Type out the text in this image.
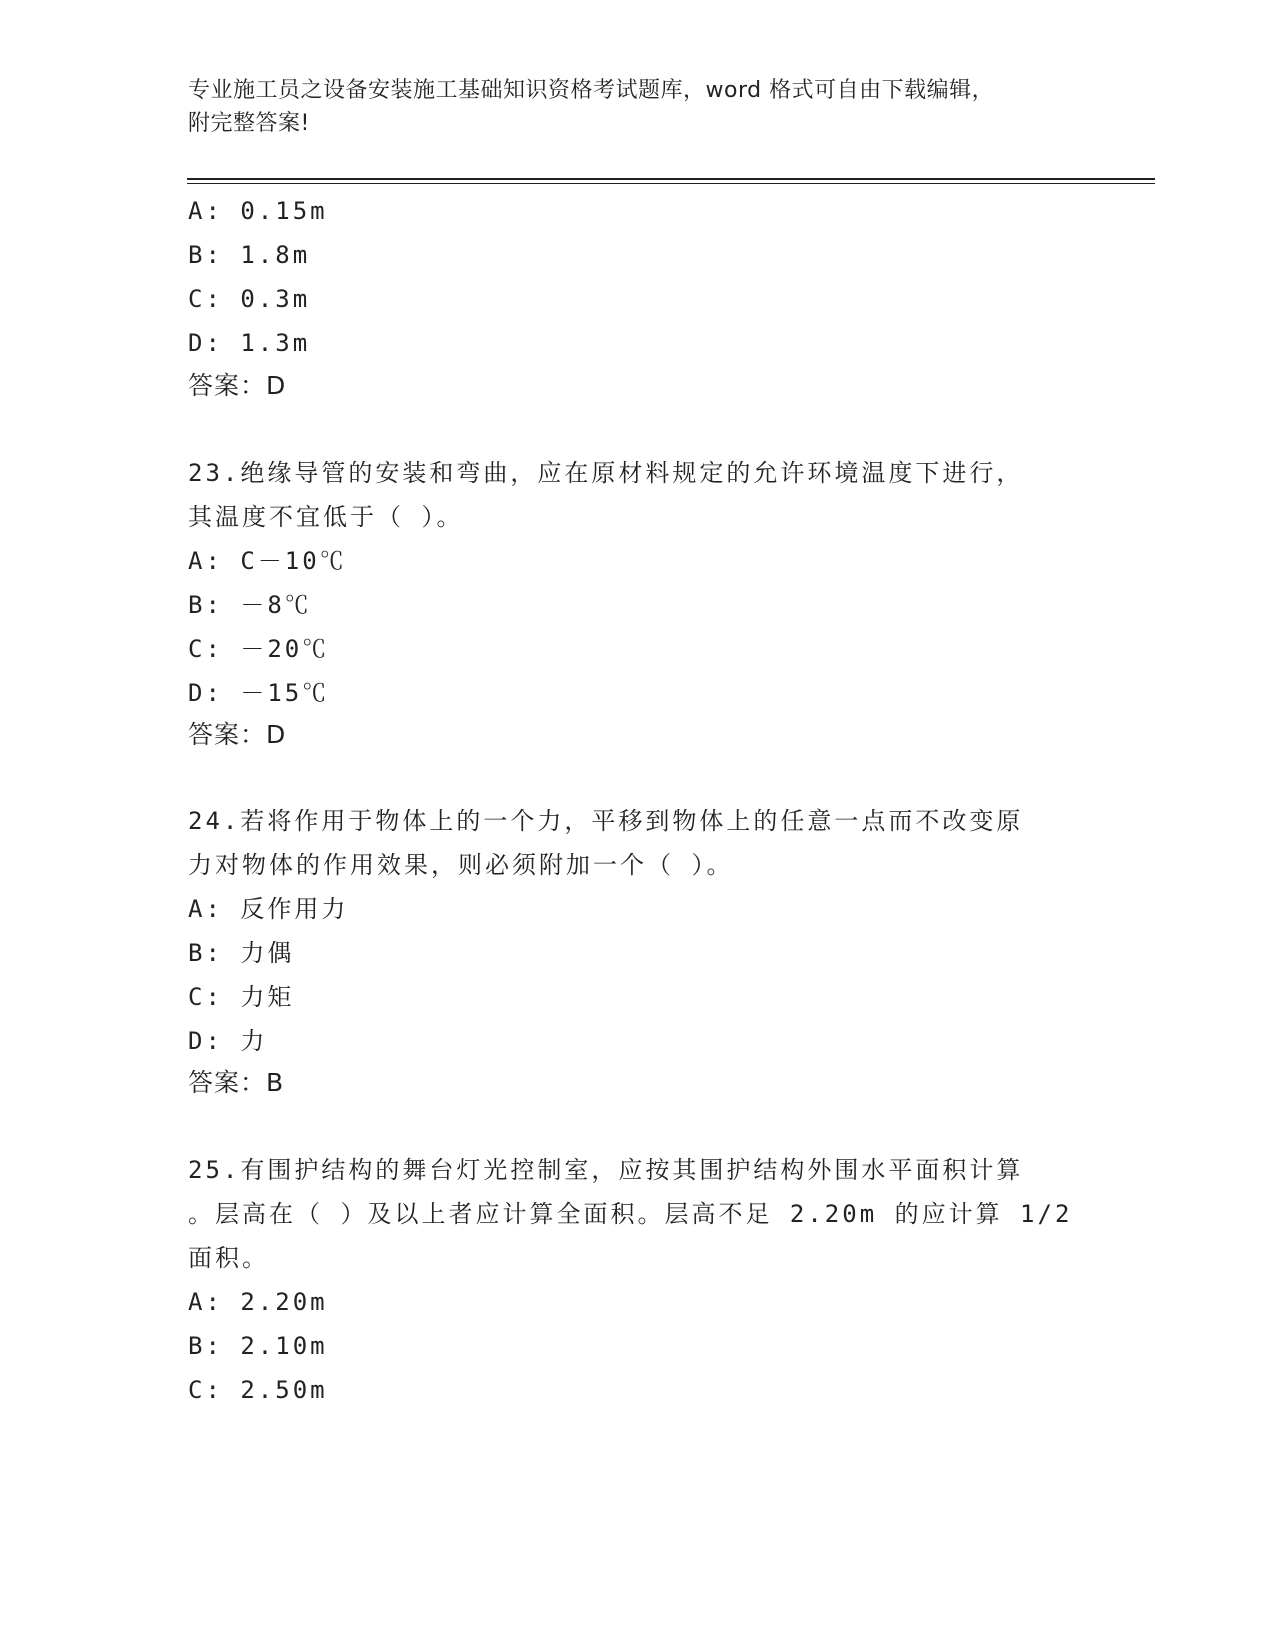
专业施工员之设备安装施工基础知识资格考试题库，word 格式可自由下载编辑，
附完整答案!
A: 0.15m
B: 1.8m
C: 0.3m
D: 1.3m
答案：D
23.绝缘导管的安装和弯曲，应在原材料规定的允许环境温度下进行，
其温度不宜低于（ ）。
A: C－10℃
B: －8℃
C: －20℃
D: －15℃
答案：D
24.若将作用于物体上的一个力，平移到物体上的任意一点而不改变原
力对物体的作用效果，则必须附加一个（ ）。
A: 反作用力
B: 力偶
C: 力矩
D: 力
答案：B
25.有围护结构的舞台灯光控制室，应按其围护结构外围水平面积计算
。层高在（ ）及以上者应计算全面积。层高不足 2.20m 的应计算 1/2
面积。
A: 2.20m
B: 2.10m
C: 2.50m
